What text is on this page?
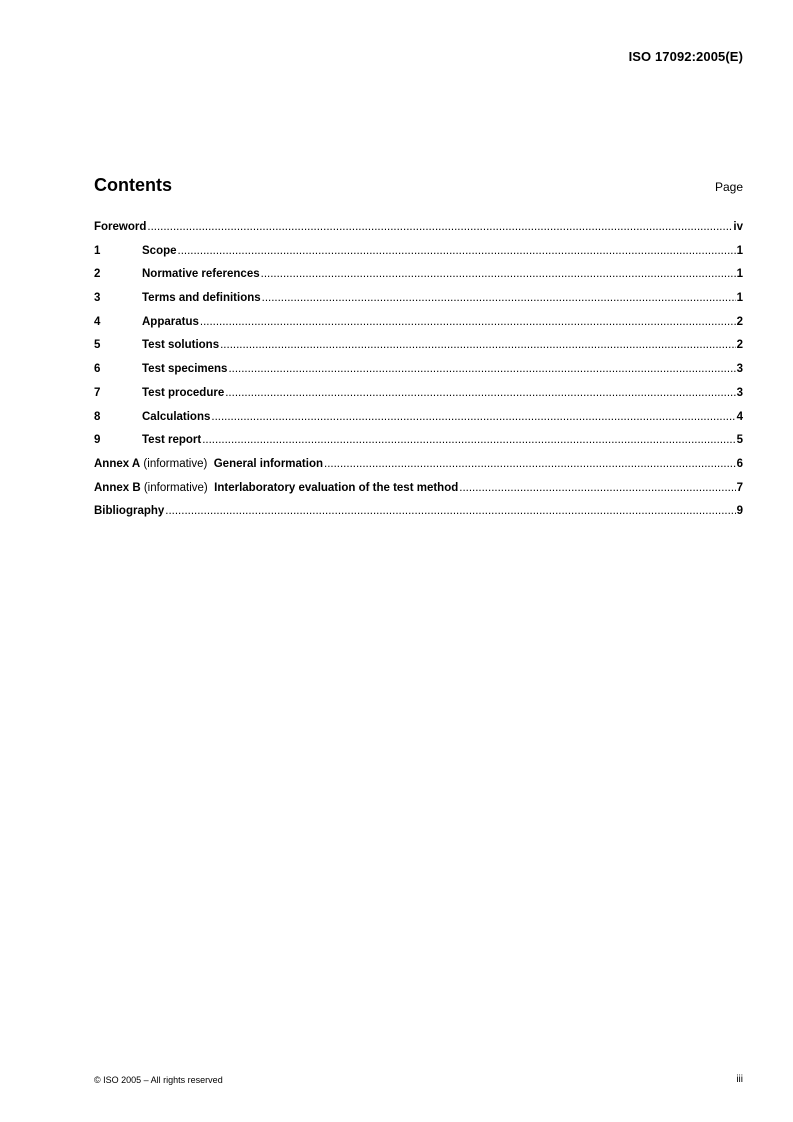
ISO 17092:2005(E)
Contents	Page
Foreword .....	iv
1	Scope .....	1
2	Normative references .....	1
3	Terms and definitions .....	1
4	Apparatus .....	2
5	Test solutions .....	2
6	Test specimens .....	3
7	Test procedure .....	3
8	Calculations .....	4
9	Test report .....	5
Annex A (informative)  General information .....	6
Annex B (informative)  Interlaboratory evaluation of the test method .....	7
Bibliography .....	9
© ISO 2005 – All rights reserved	iii
